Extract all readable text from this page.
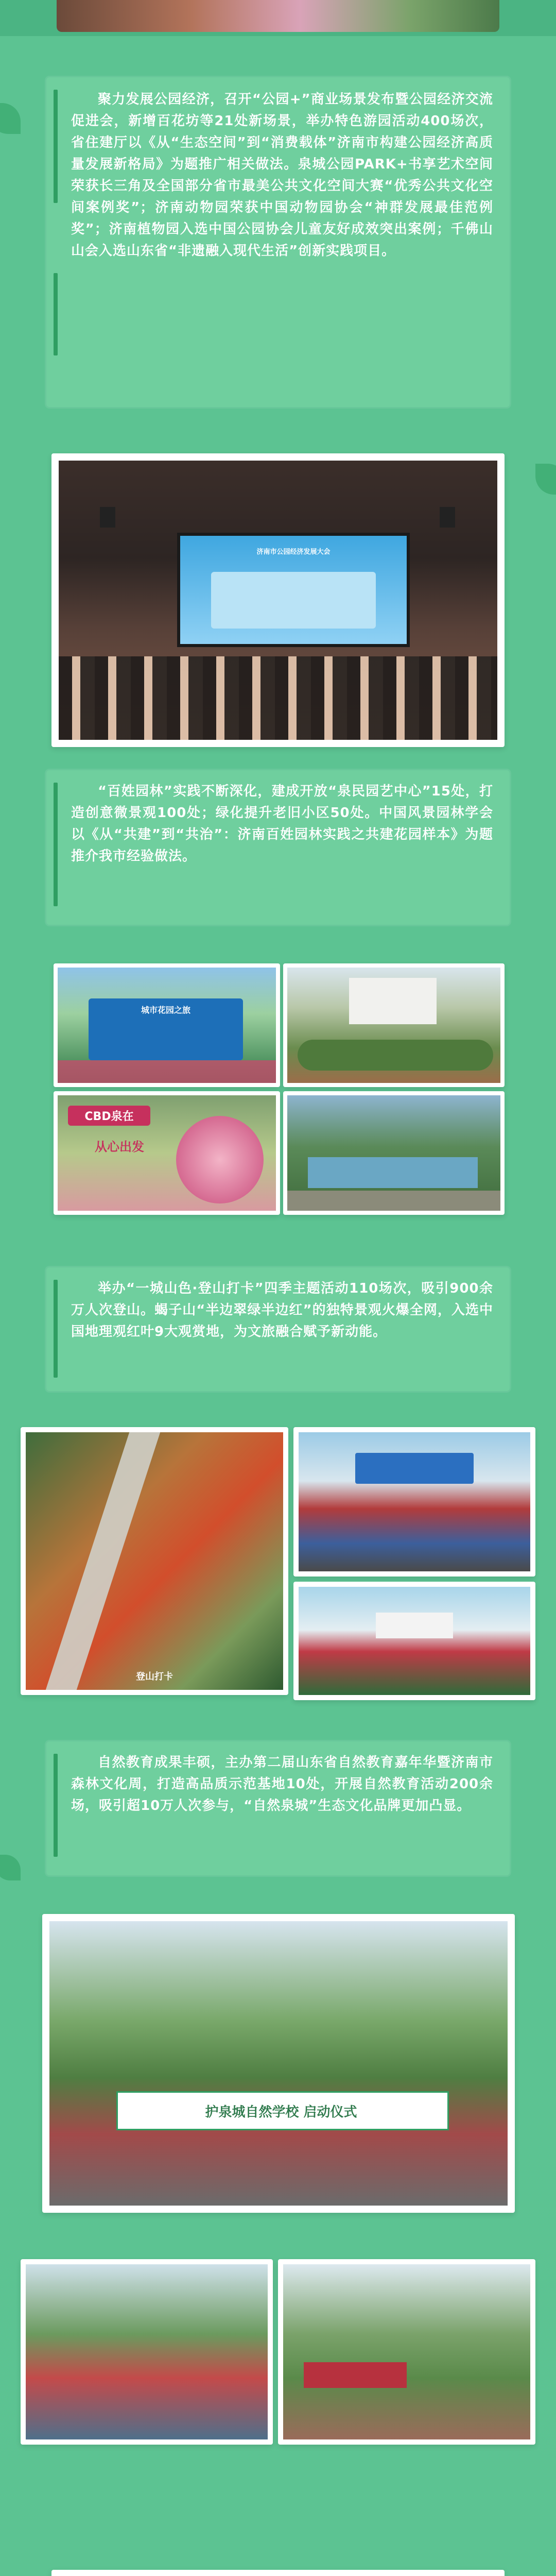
聚力发展公园经济，召开“公园+”商业场景发布暨公园经济交流促进会，新增百花坊等21处新场景，举办特色游园活动400场次，省住建厅以《从“生态空间”到“消费载体”济南市构建公园经济高质量发展新格局》为题推广相关做法。泉城公园PARK+书享艺术空间荣获长三角及全国部分省市最美公共文化空间大赛“优秀公共文化空间案例奖”；济南动物园荣获中国动物园协会“神群发展最佳范例奖”；济南植物园入选中国公园协会儿童友好成效突出案例；千佛山山会入选山东省“非遗融入现代生活”创新实践项目。

济南市公园经济发展大会

“百姓园林”实践不断深化，建成开放“泉民园艺中心”15处，打造创意微景观100处；绿化提升老旧小区50处。中国风景园林学会以《从“共建”到“共治”：济南百姓园林实践之共建花园样本》为题推介我市经验做法。

城市花园之旅
CBD泉在
从心出发

举办“一城山色·登山打卡”四季主题活动110场次，吸引900余万人次登山。蝎子山“半边翠绿半边红”的独特景观火爆全网，入选中国地理观红叶9大观赏地，为文旅融合赋予新动能。

登山打卡

自然教育成果丰硕，主办第二届山东省自然教育嘉年华暨济南市森林文化周，打造高品质示范基地10处，开展自然教育活动200余场，吸引超10万人次参与，“自然泉城”生态文化品牌更加凸显。

护泉城自然学校 启动仪式
